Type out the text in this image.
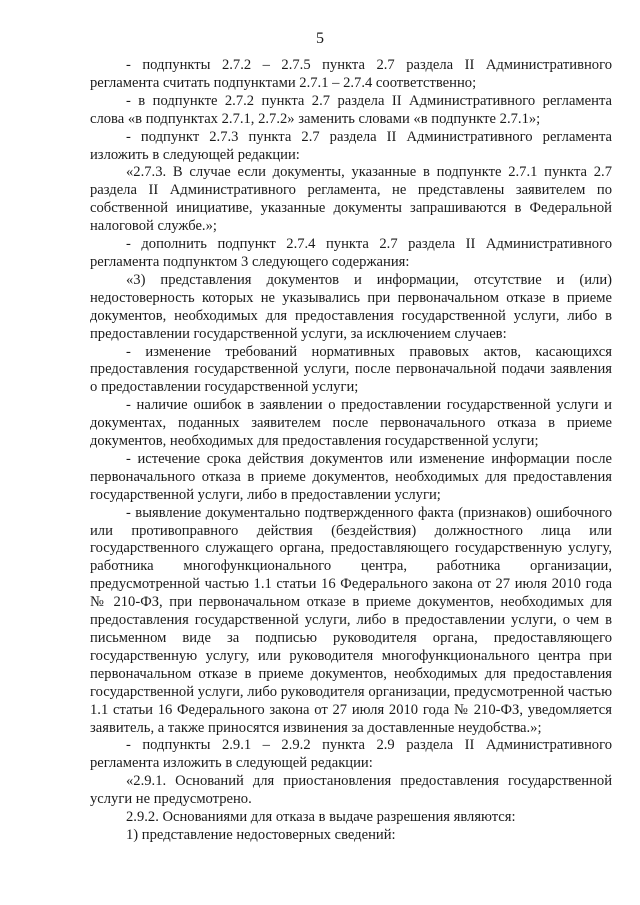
5

- подпункты 2.7.2 – 2.7.5 пункта 2.7 раздела II Административного регламента считать подпунктами 2.7.1 – 2.7.4 соответственно;

- в подпункте 2.7.2 пункта 2.7 раздела II Административного регламента слова «в подпунктах 2.7.1, 2.7.2» заменить словами «в подпункте 2.7.1»;

- подпункт 2.7.3 пункта 2.7 раздела II Административного регламента изложить в следующей редакции:

«2.7.3. В случае если документы, указанные в подпункте 2.7.1 пункта 2.7 раздела II Административного регламента, не представлены заявителем по собственной инициативе, указанные документы запрашиваются в Федеральной налоговой службе.»;

- дополнить подпункт 2.7.4 пункта 2.7 раздела II Административного регламента подпунктом 3 следующего содержания:

«3) представления документов и информации, отсутствие и (или) недостоверность которых не указывались при первоначальном отказе в приеме документов, необходимых для предоставления государственной услуги, либо в предоставлении государственной услуги, за исключением случаев:

- изменение требований нормативных правовых актов, касающихся предоставления государственной услуги, после первоначальной подачи заявления о предоставлении государственной услуги;

- наличие ошибок в заявлении о предоставлении государственной услуги и документах, поданных заявителем после первоначального отказа в приеме документов, необходимых для предоставления государственной услуги;

- истечение срока действия документов или изменение информации после первоначального отказа в приеме документов, необходимых для предоставления государственной услуги, либо в предоставлении услуги;

- выявление документально подтвержденного факта (признаков) ошибочного или противоправного действия (бездействия) должностного лица или государственного служащего органа, предоставляющего государственную услугу, работника многофункционального центра, работника организации, предусмотренной частью 1.1 статьи 16 Федерального закона от 27 июля 2010 года № 210-ФЗ, при первоначальном отказе в приеме документов, необходимых для предоставления государственной услуги, либо в предоставлении услуги, о чем в письменном виде за подписью руководителя органа, предоставляющего государственную услугу, или руководителя многофункционального центра при первоначальном отказе в приеме документов, необходимых для предоставления государственной услуги, либо руководителя организации, предусмотренной частью 1.1 статьи 16 Федерального закона от 27 июля 2010 года № 210-ФЗ, уведомляется заявитель, а также приносятся извинения за доставленные неудобства.»;

- подпункты 2.9.1 – 2.9.2 пункта 2.9 раздела II Административного регламента изложить в следующей редакции:

«2.9.1. Оснований для приостановления предоставления государственной услуги не предусмотрено.

2.9.2. Основаниями для отказа в выдаче разрешения являются:

1) представление недостоверных сведений:
